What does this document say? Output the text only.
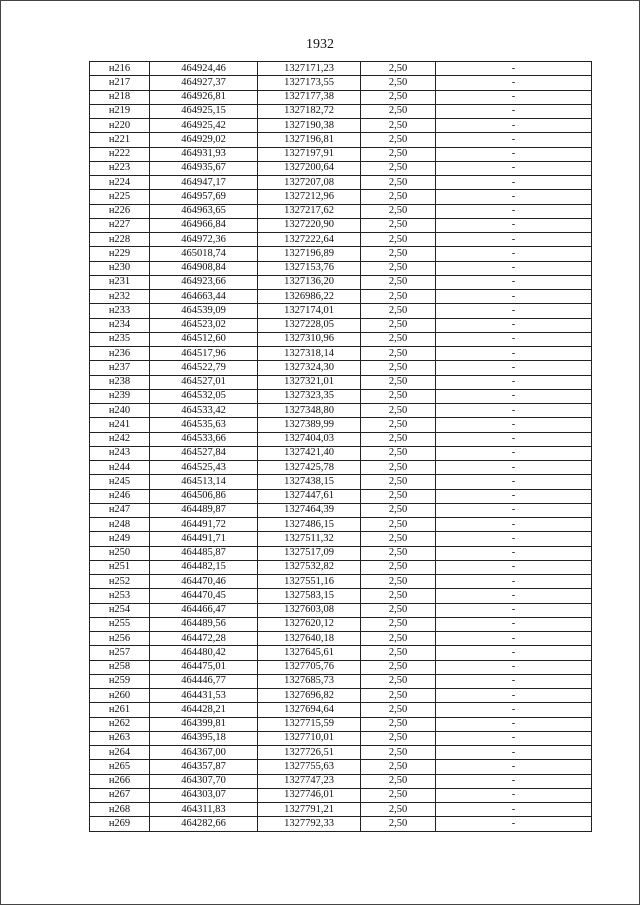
1932
н216	464924,46	1327171,23	2,50	-
н217	464927,37	1327173,55	2,50	-
н218	464926,81	1327177,38	2,50	-
н219	464925,15	1327182,72	2,50	-
н220	464925,42	1327190,38	2,50	-
н221	464929,02	1327196,81	2,50	-
н222	464931,93	1327197,91	2,50	-
н223	464935,67	1327200,64	2,50	-
н224	464947,17	1327207,08	2,50	-
н225	464957,69	1327212,96	2,50	-
н226	464963,65	1327217,62	2,50	-
н227	464966,84	1327220,90	2,50	-
н228	464972,36	1327222,64	2,50	-
н229	465018,74	1327196,89	2,50	-
н230	464908,84	1327153,76	2,50	-
н231	464923,66	1327136,20	2,50	-
н232	464663,44	1326986,22	2,50	-
н233	464539,09	1327174,01	2,50	-
н234	464523,02	1327228,05	2,50	-
н235	464512,60	1327310,96	2,50	-
н236	464517,96	1327318,14	2,50	-
н237	464522,79	1327324,30	2,50	-
н238	464527,01	1327321,01	2,50	-
н239	464532,05	1327323,35	2,50	-
н240	464533,42	1327348,80	2,50	-
н241	464535,63	1327389,99	2,50	-
н242	464533,66	1327404,03	2,50	-
н243	464527,84	1327421,40	2,50	-
н244	464525,43	1327425,78	2,50	-
н245	464513,14	1327438,15	2,50	-
н246	464506,86	1327447,61	2,50	-
н247	464489,87	1327464,39	2,50	-
н248	464491,72	1327486,15	2,50	-
н249	464491,71	1327511,32	2,50	-
н250	464485,87	1327517,09	2,50	-
н251	464482,15	1327532,82	2,50	-
н252	464470,46	1327551,16	2,50	-
н253	464470,45	1327583,15	2,50	-
н254	464466,47	1327603,08	2,50	-
н255	464489,56	1327620,12	2,50	-
н256	464472,28	1327640,18	2,50	-
н257	464480,42	1327645,61	2,50	-
н258	464475,01	1327705,76	2,50	-
н259	464446,77	1327685,73	2,50	-
н260	464431,53	1327696,82	2,50	-
н261	464428,21	1327694,64	2,50	-
н262	464399,81	1327715,59	2,50	-
н263	464395,18	1327710,01	2,50	-
н264	464367,00	1327726,51	2,50	-
н265	464357,87	1327755,63	2,50	-
н266	464307,70	1327747,23	2,50	-
н267	464303,07	1327746,01	2,50	-
н268	464311,83	1327791,21	2,50	-
н269	464282,66	1327792,33	2,50	-
